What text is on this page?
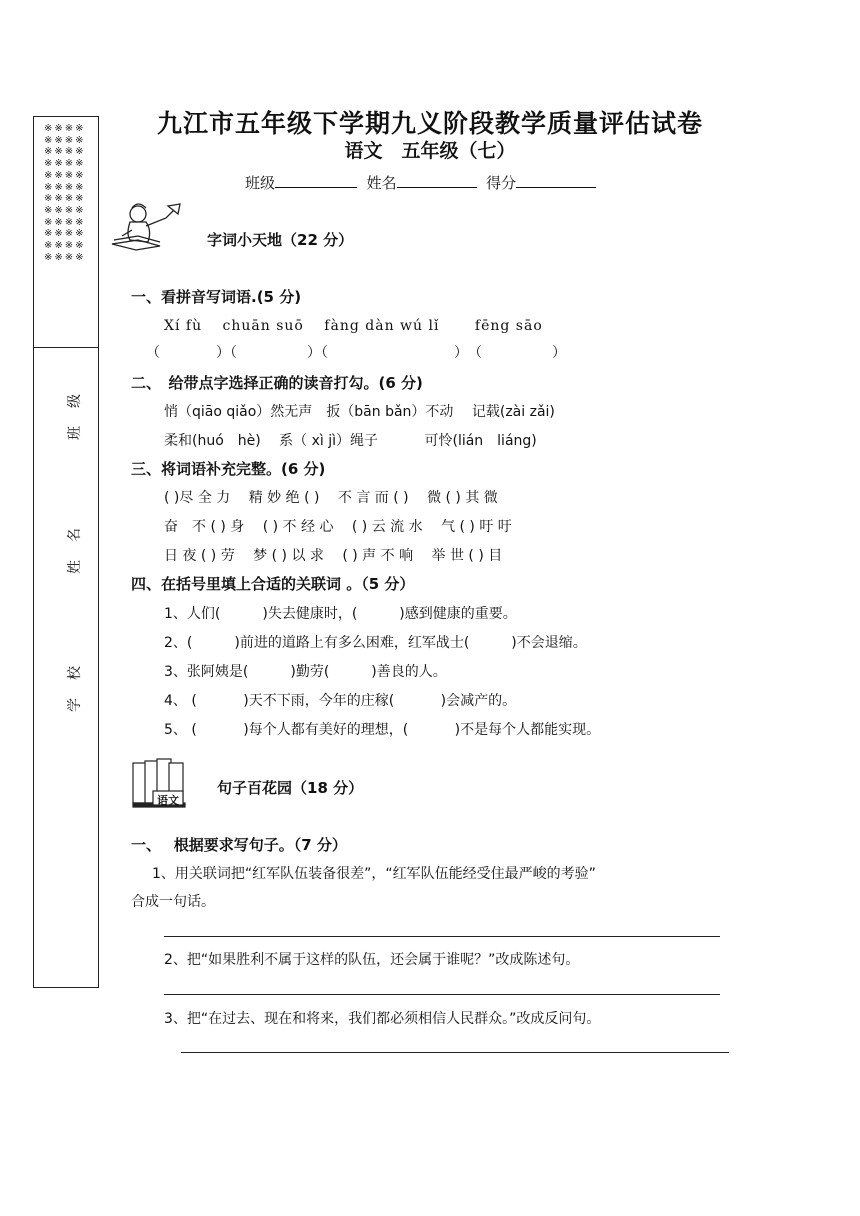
※※※※※※※※※※※※※※※※※※※※※※※※※※※※※※※※※※※※※※※※※※※※※※※※
班级
姓名
学校
九江市五年级下学期九义阶段教学质量评估试卷
语文　五年级（七）
班级	姓名	得分
字词小天地（22 分）
一、看拼音写词语.(5 分)
Xí fù　 chuān suō　 fàng dàn wú lǐ　　 fēng sāo
（　　　　）（　　　　　）（　　　　　　　　　）　（　　　　　）
二、　给带点字选择正确的读音打勾。(6 分)
悄（qiāo qiǎo）然无声　扳（bān bǎn）不动　 记载(zài zǎi)
柔和(huó　hè)　 系（ xì jì）绳子　　　 可怜(lián　liáng)
三、将词语补充完整。(6 分)
( )尽 全 力　 精 妙 绝 ( )　 不 言 而 ( )　 微 ( ) 其 微
奋　不 ( ) 身　 ( ) 不 经 心　 ( ) 云 流 水　 气 ( ) 吁 吁
日 夜 ( ) 劳　 梦 ( ) 以 求　 ( ) 声 不 响　 举 世 ( ) 目
四、在括号里填上合适的关联词 。（5 分）
1、人们(　　　)失去健康时，(　　　)感到健康的重要。
2、(　　　)前进的道路上有多么困难，红军战士(　　　)不会退缩。
3、张阿姨是(　　　)勤劳(　　　)善良的人。
4、 (　　　 )天不下雨，今年的庄稼(　　　 )会减产的。
5、 (　　　 )每个人都有美好的理想，(　　　 )不是每个人都能实现。
语文
句子百花园（18 分）
一、　 根据要求写句子。（7 分）
1、用关联词把“红军队伍装备很差”，“红军队伍能经受住最严峻的考验”
合成一句话。
2、把“如果胜利不属于这样的队伍，还会属于谁呢？”改成陈述句。
3、把“在过去、现在和将来，我们都必须相信人民群众。”改成反问句。
